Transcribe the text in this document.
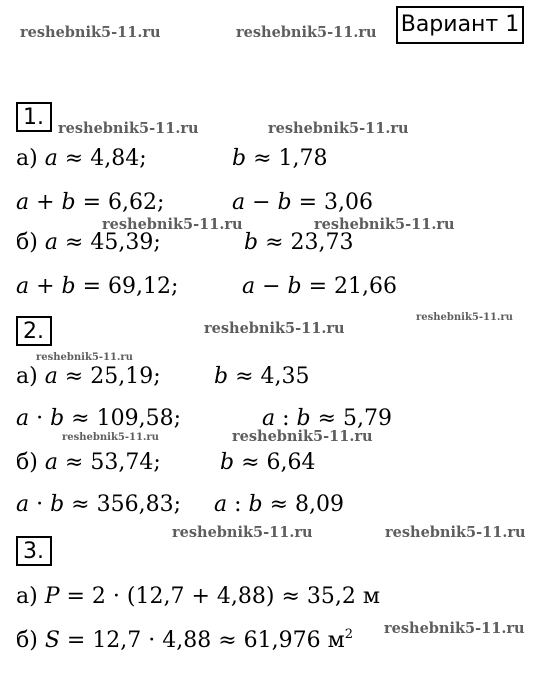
reshebnik5-11.ru	reshebnik5-11.ru
reshebnik5-11.ru	reshebnik5-11.ru
reshebnik5-11.ru	reshebnik5-11.ru
reshebnik5-11.ru
reshebnik5-11.ru
reshebnik5-11.ru
reshebnik5-11.ru	reshebnik5-11.ru
reshebnik5-11.ru	reshebnik5-11.ru
reshebnik5-11.ru
Вариант 1
1.
а) 𝑎 ≈ 4,84;	𝑏 ≈ 1,78
𝑎 + 𝑏 = 6,62;	𝑎 − 𝑏 = 3,06
б) 𝑎 ≈ 45,39;	𝑏 ≈ 23,73
𝑎 + 𝑏 = 69,12;	𝑎 − 𝑏 = 21,66
2.
а) 𝑎 ≈ 25,19; 𝑏 ≈ 4,35
𝑎 · 𝑏 ≈ 109,58;	𝑎 : 𝑏 ≈ 5,79
б) 𝑎 ≈ 53,74;	𝑏 ≈ 6,64
𝑎 · 𝑏 ≈ 356,83; 𝑎 : 𝑏 ≈ 8,09
3.
а) 𝑃 = 2 · (12,7 + 4,88) ≈ 35,2 м
б) 𝑆 = 12,7 · 4,88 ≈ 61,976 $м^2$
